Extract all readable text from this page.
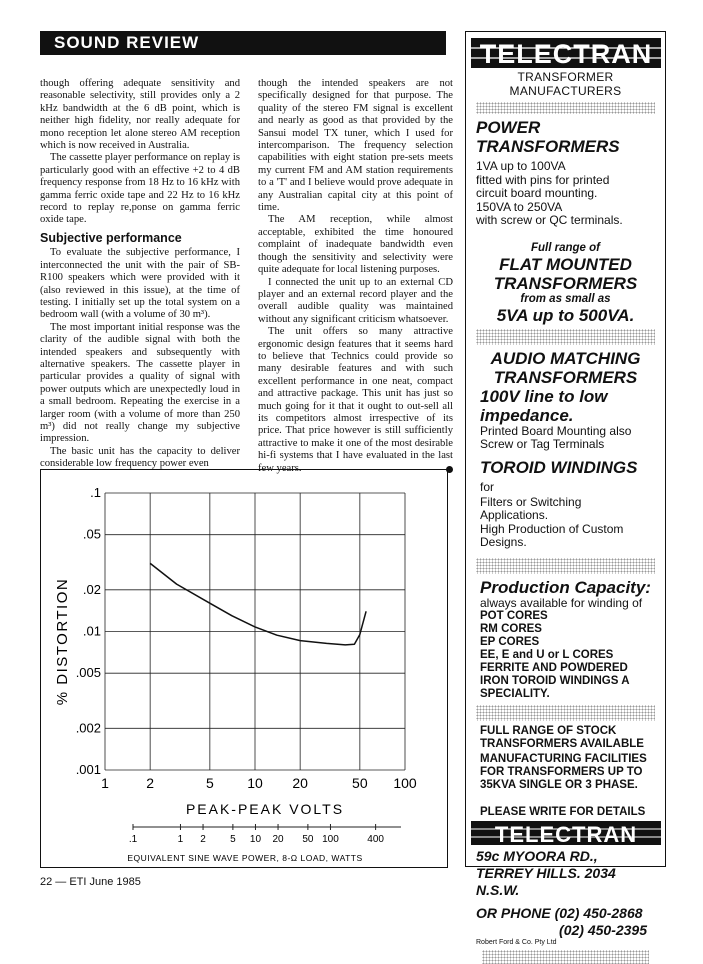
SOUND REVIEW

though offering adequate sensitivity and reasonable selectivity, still provides only a 2 kHz bandwidth at the 6 dB point, which is neither high fidelity, nor really adequate for mono reception let alone stereo AM reception which is now received in Australia.

The cassette player performance on replay is particularly good with an effective +2 to 4 dB frequency response from 18 Hz to 16 kHz with gamma ferric oxide tape and 22 Hz to 16 kHz record to replay re,ponse on gamma ferric oxide tape.

Subjective performance

To evaluate the subjective performance, I interconnected the unit with the pair of SB-R100 speakers which were provided with it (also reviewed in this issue), at the time of testing. I initially set up the total system on a bedroom wall (with a volume of 30 m³).

The most important initial response was the clarity of the audible signal with both the intended speakers and subsequently with alternative speakers. The cassette player in particular provides a quality of signal with power outputs which are unexpectedly loud in a small bedroom. Repeating the exercise in a larger room (with a volume of more than 250 m³) did not really change my subjective impression.

The basic unit has the capacity to deliver considerable low frequency power even

though the intended speakers are not specifically designed for that purpose. The quality of the stereo FM signal is excellent and nearly as good as that provided by the Sansui model TX tuner, which I used for intercomparison. The frequency selection capabilities with eight station pre-sets meets my current FM and AM station requirements to a 'T' and I believe would prove adequate in any Australian capital city at this point of time.

The AM reception, while almost acceptable, exhibited the time honoured complaint of inadequate bandwidth even though the sensitivity and selectivity were quite adequate for local listening purposes.

I connected the unit up to an external CD player and an external record player and the overall audible quality was maintained without any significant criticism whatsoever.

The unit offers so many attractive ergonomic design features that it seems hard to believe that Technics could provide so many desirable features and with such excellent performance in one neat, compact and attractive package. This unit has just so much going for it that it ought to out-sell all its competitors almost irrespective of its price. That price however is still sufficiently attractive to make it one of the most desirable hi-fi systems that I have evaluated in the last few years.

1	2	5 10 20	50 100
.1
.05
.02
.01
.005
.002
.001
% DISTORTION
PEAK-PEAK VOLTS
.1	1 2 5 10 20 50 100	400
EQUIVALENT SINE WAVE POWER, 8-Ω LOAD, WATTS
22 — ETI June 1985
TELECTRAN
TRANSFORMER MANUFACTURERS
POWER TRANSFORMERS
1VA up to 100VA
fitted with pins for printed
circuit board mounting.
150VA to 250VA
with screw or QC terminals.
Full range of
FLAT MOUNTED
TRANSFORMERS
from as small as
5VA up to 500VA.
AUDIO MATCHING
TRANSFORMERS
100V line to low
impedance.
Printed Board Mounting also
Screw or Tag Terminals
TOROID WINDINGS for
Filters or Switching Applications.
High Production of Custom
Designs.
Production Capacity:
always available for winding of
POT CORES
RM CORES
EP CORES
EE, E and U or L CORES
FERRITE AND POWDERED
IRON TOROID WINDINGS A
SPECIALITY.
FULL RANGE OF STOCK
TRANSFORMERS AVAILABLE
MANUFACTURING FACILITIES
FOR TRANSFORMERS UP TO
35KVA SINGLE OR 3 PHASE.
PLEASE WRITE FOR DETAILS
TELECTRAN
59c MYOORA RD.,
TERREY HILLS. 2034 N.S.W.
OR PHONE (02) 450-2868
(02) 450-2395
Robert Ford & Co. Pty Ltd
